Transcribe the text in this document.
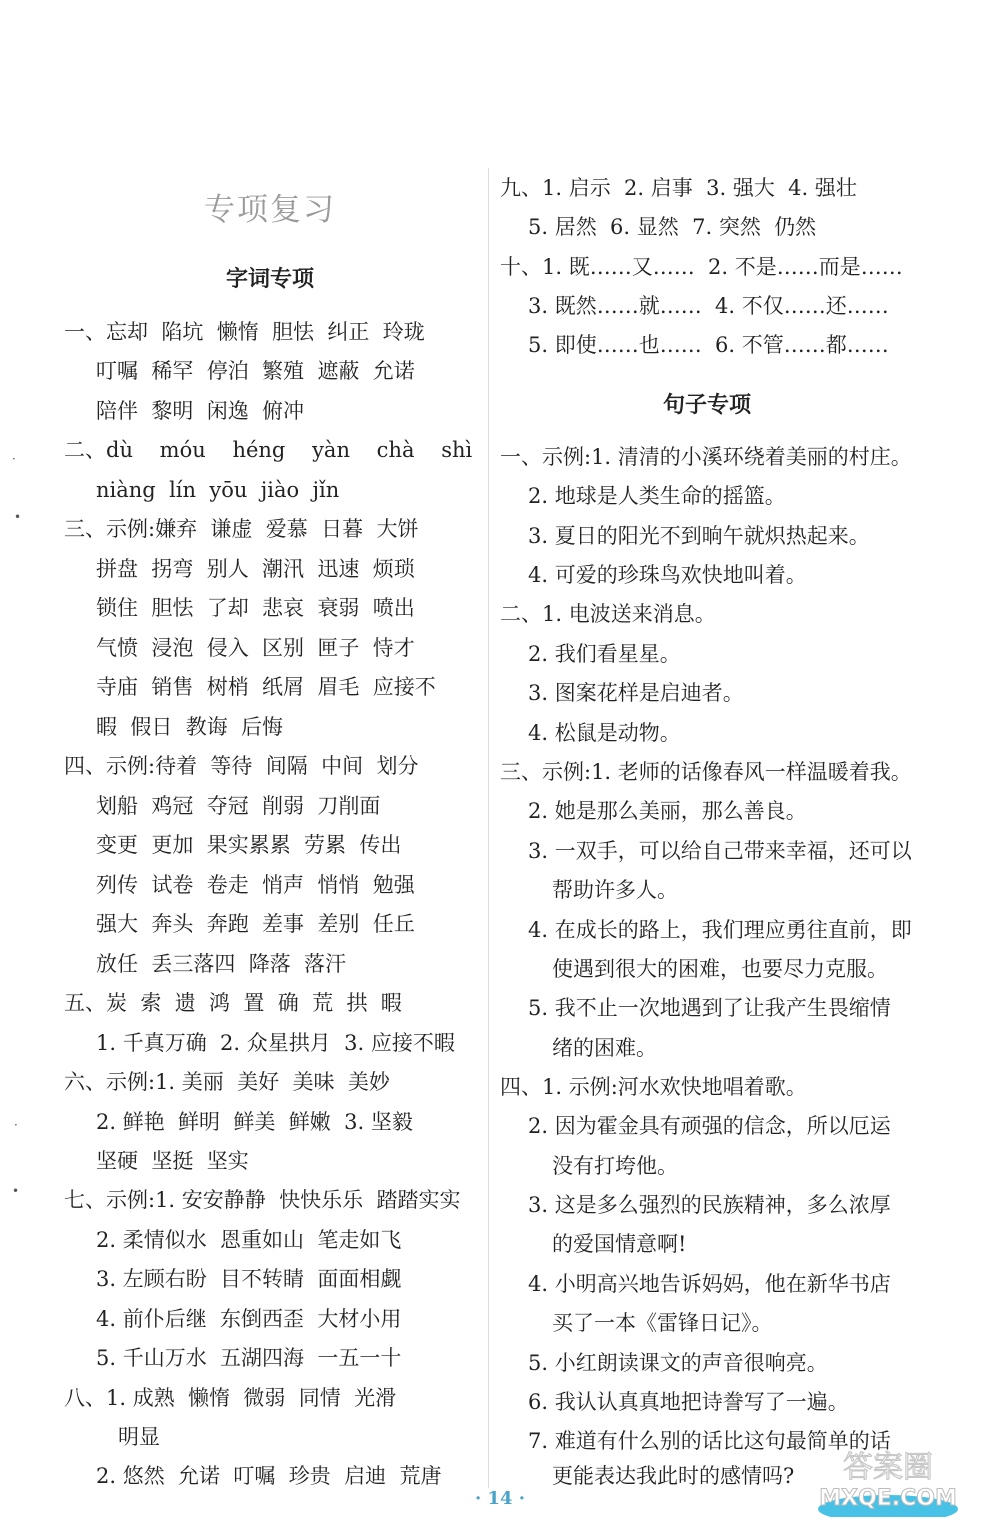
专项复习
字词专项
一、忘却  陷坑  懒惰  胆怯  纠正  玲珑
叮嘱  稀罕  停泊  繁殖  遮蔽  允诺
陪伴  黎明  闲逸  俯冲
二、dù    móu    héng    yàn    chà    shì
niàng  lín  yōu  jiào  jǐn
三、示例:嫌弃  谦虚  爱慕  日暮  大饼
拼盘  拐弯  别人  潮汛  迅速  烦琐
锁住  胆怯  了却  悲哀  衰弱  喷出
气愤  浸泡  侵入  区别  匣子  恃才
寺庙  销售  树梢  纸屑  眉毛  应接不
暇  假日  教诲  后悔
四、示例:待着  等待  间隔  中间  划分
划船  鸡冠  夺冠  削弱  刀削面
变更  更加  果实累累  劳累  传出
列传  试卷  卷走  悄声  悄悄  勉强
强大  奔头  奔跑  差事  差别  任丘
放任  丢三落四  降落  落汗
五、炭  索  遗  鸿  置  确  荒  拱  暇
1. 千真万确  2. 众星拱月  3. 应接不暇
六、示例:1. 美丽  美好  美味  美妙
2. 鲜艳  鲜明  鲜美  鲜嫩  3. 坚毅
坚硬  坚挺  坚实
七、示例:1. 安安静静  快快乐乐  踏踏实实
2. 柔情似水  恩重如山  笔走如飞
3. 左顾右盼  目不转睛  面面相觑
4. 前仆后继  东倒西歪  大材小用
5. 千山万水  五湖四海  一五一十
八、1. 成熟  懒惰  微弱  同情  光滑
明显
2. 悠然  允诺  叮嘱  珍贵  启迪  荒唐
九、1. 启示  2. 启事  3. 强大  4. 强壮
5. 居然  6. 显然  7. 突然  仍然
十、1. 既……又……  2. 不是……而是……
3. 既然……就……  4. 不仅……还……
5. 即使……也……  6. 不管……都……
句子专项
一、示例:1. 清清的小溪环绕着美丽的村庄。
2. 地球是人类生命的摇篮。
3. 夏日的阳光不到晌午就炽热起来。
4. 可爱的珍珠鸟欢快地叫着。
二、1. 电波送来消息。
2. 我们看星星。
3. 图案花样是启迪者。
4. 松鼠是动物。
三、示例:1. 老师的话像春风一样温暖着我。
2. 她是那么美丽，那么善良。
3. 一双手，可以给自己带来幸福，还可以
帮助许多人。
4. 在成长的路上，我们理应勇往直前，即
使遇到很大的困难，也要尽力克服。
5. 我不止一次地遇到了让我产生畏缩情
绪的困难。
四、1. 示例:河水欢快地唱着歌。
2. 因为霍金具有顽强的信念，所以厄运
没有打垮他。
3. 这是多么强烈的民族精神，多么浓厚
的爱国情意啊!
4. 小明高兴地告诉妈妈，他在新华书店
买了一本《雷锋日记》。
5. 小红朗读课文的声音很响亮。
6. 我认认真真地把诗誊写了一遍。
7. 难道有什么别的话比这句最简单的话
更能表达我此时的感情吗?
·
•
·
•
· 14 ·
答案圈
MXQE.COM
